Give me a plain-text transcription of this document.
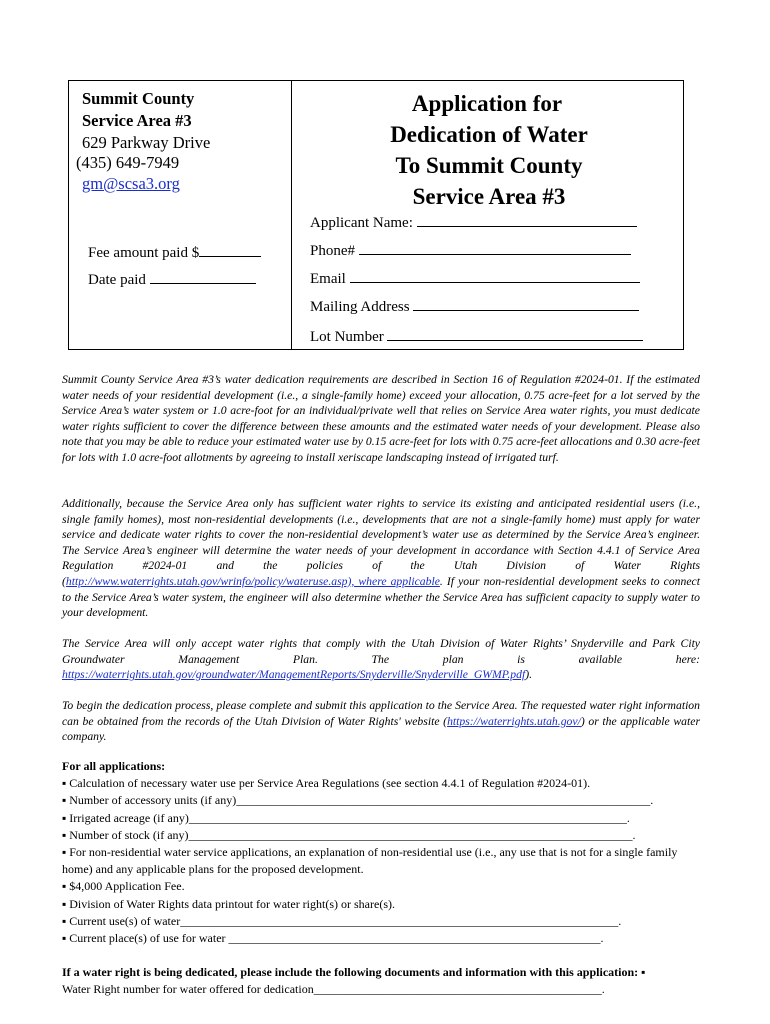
Summit County
Service Area #3
629 Parkway Drive
(435) 649-7949
gm@scsa3.org
Application for
Dedication of Water
To Summit County
Service Area #3
Applicant Name:
Fee amount paid $	Phone#
Date paid	Email
Mailing Address
Lot Number
Summit County Service Area #3’s water dedication requirements are described in Section 16 of Regulation #2024-01. If the estimated water needs of your residential development (i.e., a single-family home) exceed your allocation, 0.75 acre-feet for a lot served by the Service Area’s water system or 1.0 acre-foot for an individual/private well that relies on Service Area water rights, you must dedicate water rights sufficient to cover the difference between these amounts and the estimated water needs of your development. Please also note that you may be able to reduce your estimated water use by 0.15 acre-feet for lots with 0.75 acre-feet allocations and 0.30 acre-feet for lots with 1.0 acre-foot allotments by agreeing to install xeriscape landscaping instead of irrigated turf.
Additionally, because the Service Area only has sufficient water rights to service its existing and anticipated residential users (i.e., single family homes), most non-residential developments (i.e., developments that are not a single-family home) must apply for water service and dedicate water rights to cover the non-residential development’s water use as determined by the Service Area’s engineer. The Service Area’s engineer will determine the water needs of your development in accordance with Section 4.4.1 of Service Area Regulation #2024-01 and the policies of the Utah Division of Water Rights (http://www.waterrights.utah.gov/wrinfo/policy/wateruse.asp), where applicable. If your non-residential development seeks to connect to the Service Area’s water system, the engineer will also determine whether the Service Area has sufficient capacity to supply water to your development.
The Service Area will only accept water rights that comply with the Utah Division of Water Rights’ Snyderville and Park City Groundwater Management Plan. The plan is available here: https://waterrights.utah.gov/groundwater/ManagementReports/Snyderville/Snyderville_GWMP.pdf).
To begin the dedication process, please complete and submit this application to the Service Area. The requested water right information can be obtained from the records of the Utah Division of Water Rights' website (https://waterrights.utah.gov/) or the applicable water company.
For all applications:
▪ Calculation of necessary water use per Service Area Regulations (see section 4.4.1 of Regulation #2024-01).
▪ Number of accessory units (if any)_____________________________________________________________________.
▪ Irrigated acreage (if any)_________________________________________________________________________.
▪ Number of stock (if any)__________________________________________________________________________.
▪ For non-residential water service applications, an explanation of non-residential use (i.e., any use that is not for a single family home) and any applicable plans for the proposed development.
▪ $4,000 Application Fee.
▪ Division of Water Rights data printout for water right(s) or share(s).
▪ Current use(s) of water_________________________________________________________________________.
▪ Current place(s) of use for water ______________________________________________________________.
If a water right is being dedicated, please include the following documents and information with this application: ▪
Water Right number for water offered for dedication________________________________________________.
